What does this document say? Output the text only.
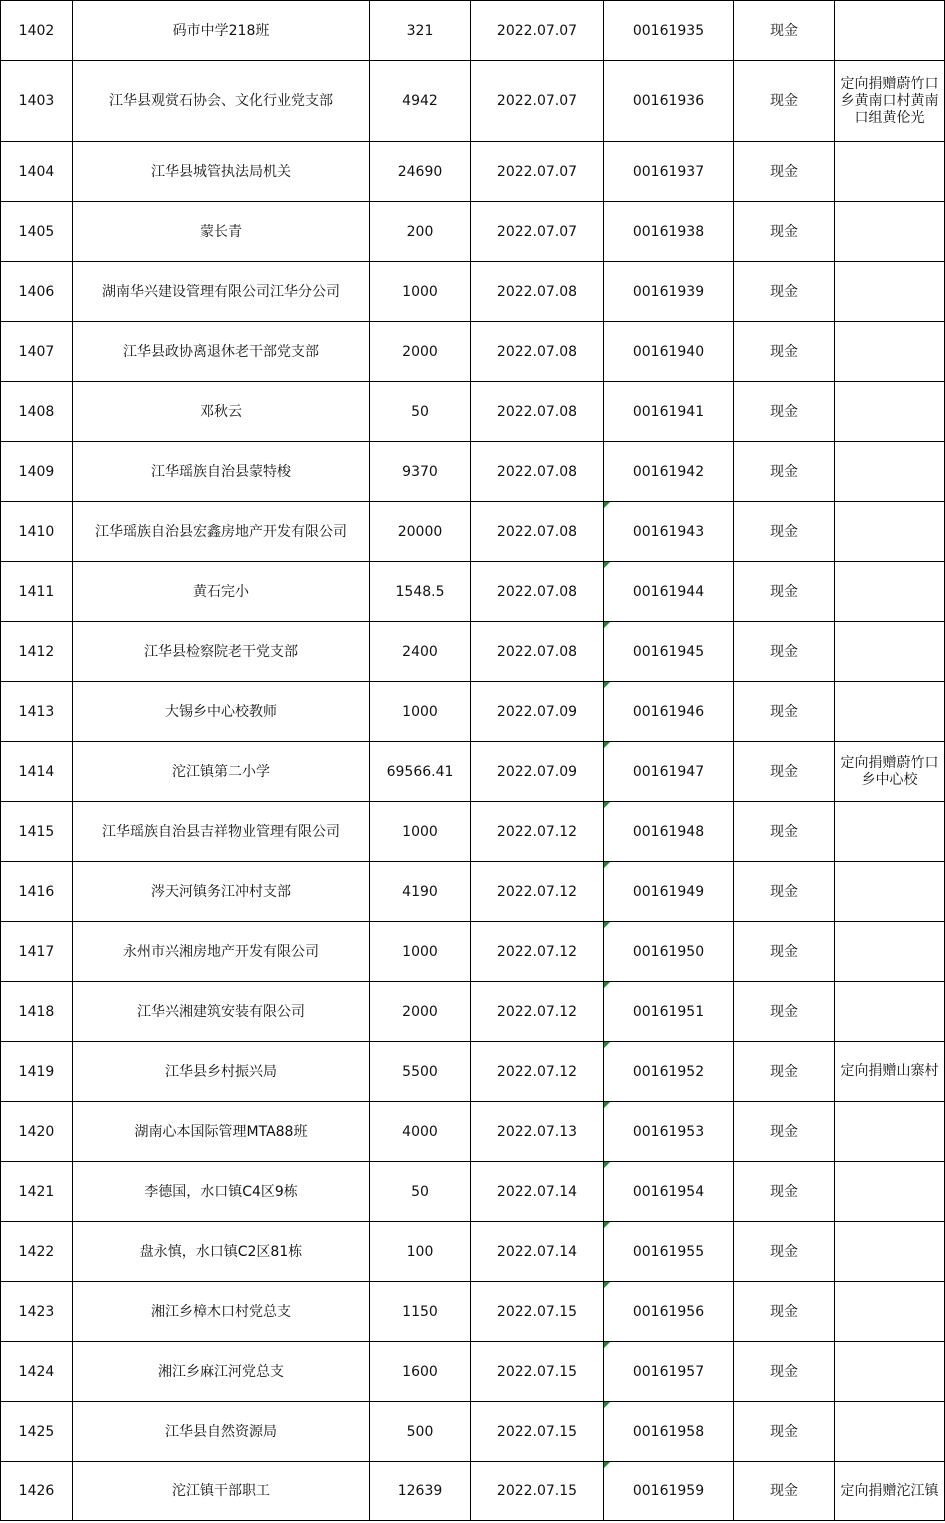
1402	码市中学218班	321	2022.07.07	00161935	现金	
1403	江华县观赏石协会、文化行业党支部	4942	2022.07.07	00161936	现金	定向捐赠蔚竹口乡黄南口村黄南口组黄伦光
1404	江华县城管执法局机关	24690	2022.07.07	00161937	现金	
1405	蒙长青	200	2022.07.07	00161938	现金	
1406	湖南华兴建设管理有限公司江华分公司	1000	2022.07.08	00161939	现金	
1407	江华县政协离退休老干部党支部	2000	2022.07.08	00161940	现金	
1408	邓秋云	50	2022.07.08	00161941	现金	
1409	江华瑶族自治县蒙特梭	9370	2022.07.08	00161942	现金	
1410	江华瑶族自治县宏鑫房地产开发有限公司	20000	2022.07.08	00161943	现金	
1411	黄石完小	1548.5	2022.07.08	00161944	现金	
1412	江华县检察院老干党支部	2400	2022.07.08	00161945	现金	
1413	大锡乡中心校教师	1000	2022.07.09	00161946	现金	
1414	沱江镇第二小学	69566.41	2022.07.09	00161947	现金	定向捐赠蔚竹口乡中心校
1415	江华瑶族自治县吉祥物业管理有限公司	1000	2022.07.12	00161948	现金	
1416	涔天河镇务江冲村支部	4190	2022.07.12	00161949	现金	
1417	永州市兴湘房地产开发有限公司	1000	2022.07.12	00161950	现金	
1418	江华兴湘建筑安装有限公司	2000	2022.07.12	00161951	现金	
1419	江华县乡村振兴局	5500	2022.07.12	00161952	现金	定向捐赠山寨村
1420	湖南心本国际管理MTA88班	4000	2022.07.13	00161953	现金	
1421	李德国，水口镇C4区9栋	50	2022.07.14	00161954	现金	
1422	盘永慎，水口镇C2区81栋	100	2022.07.14	00161955	现金	
1423	湘江乡樟木口村党总支	1150	2022.07.15	00161956	现金	
1424	湘江乡麻江河党总支	1600	2022.07.15	00161957	现金	
1425	江华县自然资源局	500	2022.07.15	00161958	现金	
1426	沱江镇干部职工	12639	2022.07.15	00161959	现金	定向捐赠沱江镇
